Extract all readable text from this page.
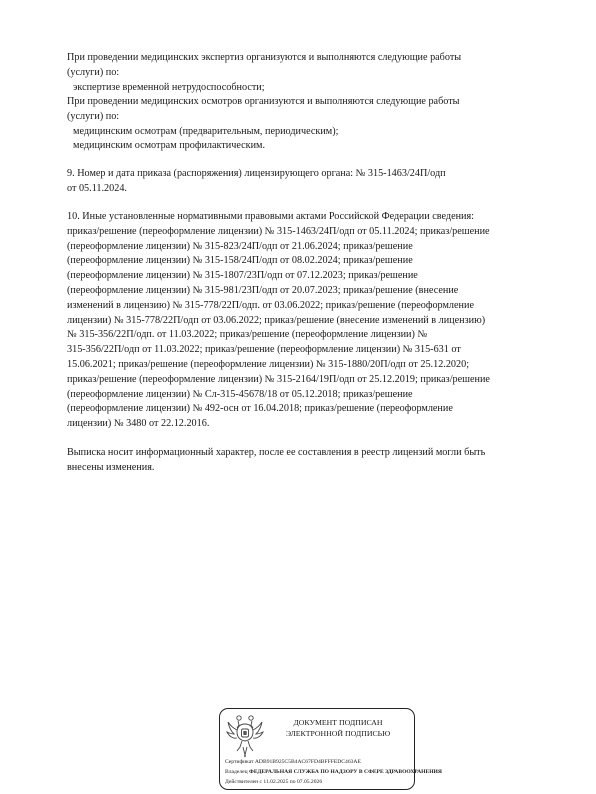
При проведении медицинских экспертиз организуются и выполняются следующие работы
(услуги) по:
экспертизе временной нетрудоспособности;
При проведении медицинских осмотров организуются и выполняются следующие работы
(услуги) по:
медицинским осмотрам (предварительным, периодическим);
медицинским осмотрам профилактическим.
9. Номер и дата приказа (распоряжения) лицензирующего органа: № 315-1463/24П/одп
от 05.11.2024.
10. Иные установленные нормативными правовыми актами Российской Федерации сведения:
приказ/решение (переоформление лицензии) № 315-1463/24П/одп от 05.11.2024; приказ/решение
(переоформление лицензии) № 315-823/24П/одп от 21.06.2024; приказ/решение
(переоформление лицензии) № 315-158/24П/одп от 08.02.2024; приказ/решение
(переоформление лицензии) № 315-1807/23П/одп от 07.12.2023; приказ/решение
(переоформление лицензии) № 315-981/23П/одп от 20.07.2023; приказ/решение (внесение
изменений в лицензию) № 315-778/22П/одп. от 03.06.2022; приказ/решение (переоформление
лицензии) № 315-778/22П/одп от 03.06.2022; приказ/решение (внесение изменений в лицензию)
№ 315-356/22П/одп. от 11.03.2022; приказ/решение (переоформление лицензии) №
315-356/22П/одп от 11.03.2022; приказ/решение (переоформление лицензии) № 315-631 от
15.06.2021; приказ/решение (переоформление лицензии) № 315-1880/20П/одп от 25.12.2020;
приказ/решение (переоформление лицензии) № 315-2164/19П/одп от 25.12.2019; приказ/решение
(переоформление лицензии) № Сл-315-45678/18 от 05.12.2018; приказ/решение
(переоформление лицензии) № 492-осн от 16.04.2018; приказ/решение (переоформление
лицензии) № 3480 от 22.12.2016.
Выписка носит информационный характер, после ее составления в реестр лицензий могли быть
внесены изменения.
ДОКУМЕНТ ПОДПИСАН
ЭЛЕКТРОННОЙ ПОДПИСЬЮ
Сертификат ADB91B925C5B4AC67FD4BFFFEDC463AE
Владелец ФЕДЕРАЛЬНАЯ СЛУЖБА ПО НАДЗОРУ В СФЕРЕ ЗДРАВООХРАНЕНИЯ
Действителен с 11.02.2025 по 07.05.2026
